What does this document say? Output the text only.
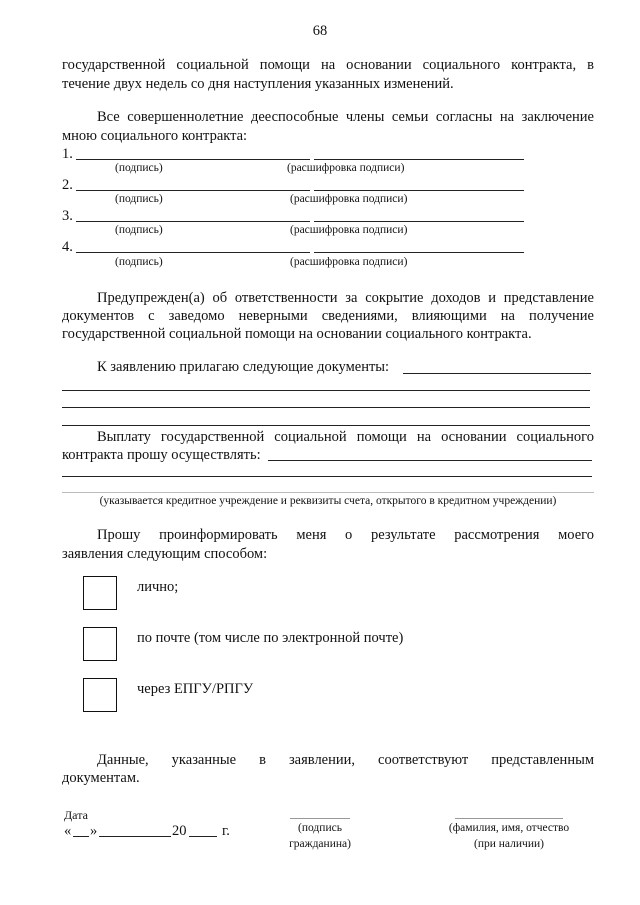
68
государственной социальной помощи на основании социального контракта, в
течение двух недель со дня наступления указанных изменений.
Все совершеннолетние дееспособные члены семьи согласны на заключение
мною социального контракта:
1.
(подпись)	(расшифровка подписи)
2.
(подпись)	(расшифровка подписи)
3.
(подпись)	(расшифровка подписи)
4.
(подпись)	(расшифровка подписи)
Предупрежден(а) об ответственности за сокрытие доходов и представление
документов с заведомо неверными сведениями, влияющими на получение
государственной социальной помощи на основании социального контракта.
К заявлению прилагаю следующие документы:
Выплату государственной социальной помощи на основании социального
контракта прошу осуществлять:
(указывается кредитное учреждение и реквизиты счета, открытого в кредитном учреждении)
Прошу проинформировать меня о результате рассмотрения моего
заявления следующим способом:
лично;
по почте (том числе по электронной почте)
через ЕПГУ/РПГУ
Данные, указанные в заявлении, соответствуют представленным
документам.
Дата
« »	20 г.	(подпись
гражданина)
(фамилия, имя, отчество
(при наличии)
